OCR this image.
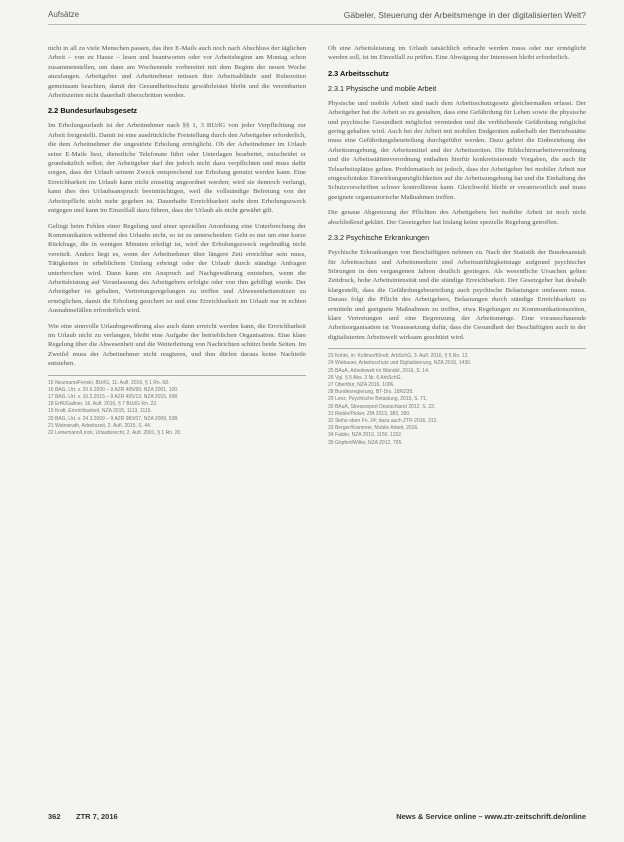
Aufsätze	Gäbeler, Steuerung der Arbeitsmenge in der digitalisierten Welt?

nicht in all zu viele Menschen passen, das ihre E-Mails auch noch nach Abschluss der täglichen Arbeit – von zu Hause – lesen und beantworten oder vor Arbeitsbeginn am Montag schon zusammenstellen, um dann am Wochenende vorbereitet mit dem Beginn der neuen Woche anzufangen. Arbeitgeber und Arbeitnehmer müssen ihre Arbeitsabläufe und Ruhezeiten gemeinsam beachten, damit der Gesundheitsschutz gewährleistet bleibt und die vereinbarten Arbeitszeiten nicht dauerhaft überschritten werden.

2.2 Bundesurlaubsgesetz

Im Erholungsurlaub ist der Arbeitnehmer nach §§ 1, 3 BUrlG von jeder Verpflichtung zur Arbeit freigestellt. Damit ist eine ausdrückliche Freistellung durch den Arbeitgeber erforderlich, die dem Arbeitnehmer die ungestörte Erholung ermöglicht. Ob der Arbeitnehmer im Urlaub seine E-Mails liest, dienstliche Telefonate führt oder Unterlagen bearbeitet, entscheidet er grundsätzlich selbst; der Arbeitgeber darf ihn jedoch nicht dazu verpflichten und muss dafür sorgen, dass der Urlaub seinem Zweck entsprechend zur Erholung genutzt werden kann. Eine Erreichbarkeit im Urlaub kann nicht einseitig angeordnet werden; wird sie dennoch verlangt, kann dies den Urlaubsanspruch beeinträchtigen, weil die vollständige Befreiung von der Arbeitspflicht nicht mehr gegeben ist. Dauerhafte Erreichbarkeit steht dem Erholungszweck entgegen und kann im Einzelfall dazu führen, dass der Urlaub als nicht gewährt gilt.

Gelingt beim Fehlen einer Regelung und einer speziellen Anordnung eine Unterbrechung der Kommunikation während des Urlaubs nicht, so ist zu unterscheiden: Geht es nur um eine kurze Rückfrage, die in wenigen Minuten erledigt ist, wird der Erholungszweck regelmäßig nicht vereitelt. Anders liegt es, wenn der Arbeitnehmer über längere Zeit erreichbar sein muss, Tätigkeiten in erheblichem Umfang erbringt oder der Urlaub durch ständige Anfragen unterbrochen wird. Dann kann ein Anspruch auf Nachgewährung entstehen, wenn die Arbeitsleistung auf Veranlassung des Arbeitgebers erfolgte oder von ihm gebilligt wurde. Der Arbeitgeber ist gehalten, Vertretungsregelungen zu treffen und Abwesenheitsnotizen zu ermöglichen, damit die Erholung gesichert ist und eine Erreichbarkeit im Urlaub nur in echten Ausnahmefällen erforderlich wird.

Wie eine sinnvolle Urlaubsgewährung also auch dann erreicht werden kann, die Erreichbarkeit im Urlaub nicht zu verlangen, bleibt eine Aufgabe der betrieblichen Organisation. Eine klare Regelung über die Abwesenheit und die Weiterleitung von Nachrichten schützt beide Seiten. Im Zweifel muss der Arbeitnehmer nicht reagieren, und ihm dürfen daraus keine Nachteile entstehen.

15 Neumann/Fenski, BUrlG, 11. Aufl. 2016, § 1 Rn. 68.
16 BAG, Urt. v. 20.6.2000 – 9 AZR 405/99, NZA 2001, 100.
17 BAG, Urt. v. 10.2.2015 – 9 AZR 455/13, NZA 2015, 998.
18 ErfK/Gallner, 16. Aufl. 2016, § 7 BUrlG Rn. 22.
19 Kraft, Erreichbarkeit, NZA 2015, 1113, 1115.
20 BAG, Urt. v. 24.3.2009 – 9 AZR 983/07, NZA 2009, 538.
21 Wolmerath, Arbeitszeit, 2. Aufl. 2015, S. 44.
22 Leinemann/Linck, Urlaubsrecht, 2. Aufl. 2001, § 1 Rn. 20.

Ob eine Arbeitsleistung im Urlaub tatsächlich erbracht werden muss oder nur ermöglicht werden soll, ist im Einzelfall zu prüfen. Eine Abwägung der Interessen bleibt erforderlich.

2.3 Arbeitsschutz
2.3.1 Physische und mobile Arbeit

Physische und mobile Arbeit sind nach dem Arbeitsschutzgesetz gleichermaßen erfasst. Der Arbeitgeber hat die Arbeit so zu gestalten, dass eine Gefährdung für Leben sowie die physische und psychische Gesundheit möglichst vermieden und die verbleibende Gefährdung möglichst gering gehalten wird. Auch bei der Arbeit mit mobilen Endgeräten außerhalb der Betriebsstätte muss eine Gefährdungsbeurteilung durchgeführt werden. Dazu gehört die Einbeziehung der Arbeitsumgebung, der Arbeitsmittel und der Arbeitszeiten. Die Bildschirmarbeitsverordnung und die Arbeitsstättenverordnung enthalten hierfür konkretisierende Vorgaben, die auch für Telearbeitsplätze gelten. Problematisch ist jedoch, dass der Arbeitgeber bei mobiler Arbeit nur eingeschränkte Einwirkungsmöglichkeiten auf die Arbeitsumgebung hat und die Einhaltung der Schutzvorschriften schwer kontrollieren kann. Gleichwohl bleibt er verantwortlich und muss geeignete organisatorische Maßnahmen treffen.

Die genaue Abgrenzung der Pflichten des Arbeitgebers bei mobiler Arbeit ist noch nicht abschließend geklärt. Der Gesetzgeber hat bislang keine spezielle Regelung getroffen.

2.3.2 Psychische Erkrankungen

Psychische Erkrankungen von Beschäftigten nehmen zu. Nach der Statistik der Bundesanstalt für Arbeitsschutz und Arbeitsmedizin sind Arbeitsunfähigkeitstage aufgrund psychischer Störungen in den vergangenen Jahren deutlich gestiegen. Als wesentliche Ursachen gelten Zeitdruck, hohe Arbeitsintensität und die ständige Erreichbarkeit. Der Gesetzgeber hat deshalb klargestellt, dass die Gefährdungsbeurteilung auch psychische Belastungen umfassen muss. Daraus folgt die Pflicht des Arbeitgebers, Belastungen durch ständige Erreichbarkeit zu ermitteln und geeignete Maßnahmen zu treffen, etwa Regelungen zu Kommunikationszeiten, klare Vertretungen und eine Begrenzung der Arbeitsmenge. Eine vorausschauende Arbeitsorganisation ist Voraussetzung dafür, dass die Gesundheit der Beschäftigten auch in der digitalisierten Arbeitswelt wirksam geschützt wird.

23 Kohte, in: Kollmer/Klindt, ArbSchG, 3. Aufl. 2016, § 5 Rn. 12.
24 Wiebauer, Arbeitsschutz und Digitalisierung, NZA 2016, 1430.
25 BAuA, Arbeitswelt im Wandel, 2016, S. 14.
26 Vgl. § 5 Abs. 3 Nr. 6 ArbSchG.
27 Oberthür, NZA 2016, 1006.
28 Bundesregierung, BT-Drs. 18/6235.
29 Lenz, Psychische Belastung, 2015, S. 71.
30 BAuA, Stressreport Deutschland 2012, S. 23.
31 Rieble/Picker, ZfA 2013, 383, 390.
32 Siehe oben Fn. 24; dazu auch ZTR 2016, 312.
33 Berger/Krammer, Mobile Arbeit, 2016.
34 Falder, NZA 2010, 1150, 1152.
35 Göpfert/Wilke, NZA 2012, 765.
362 ZTR 7, 2016	News & Service online – www.ztr-zeitschrift.de/online
